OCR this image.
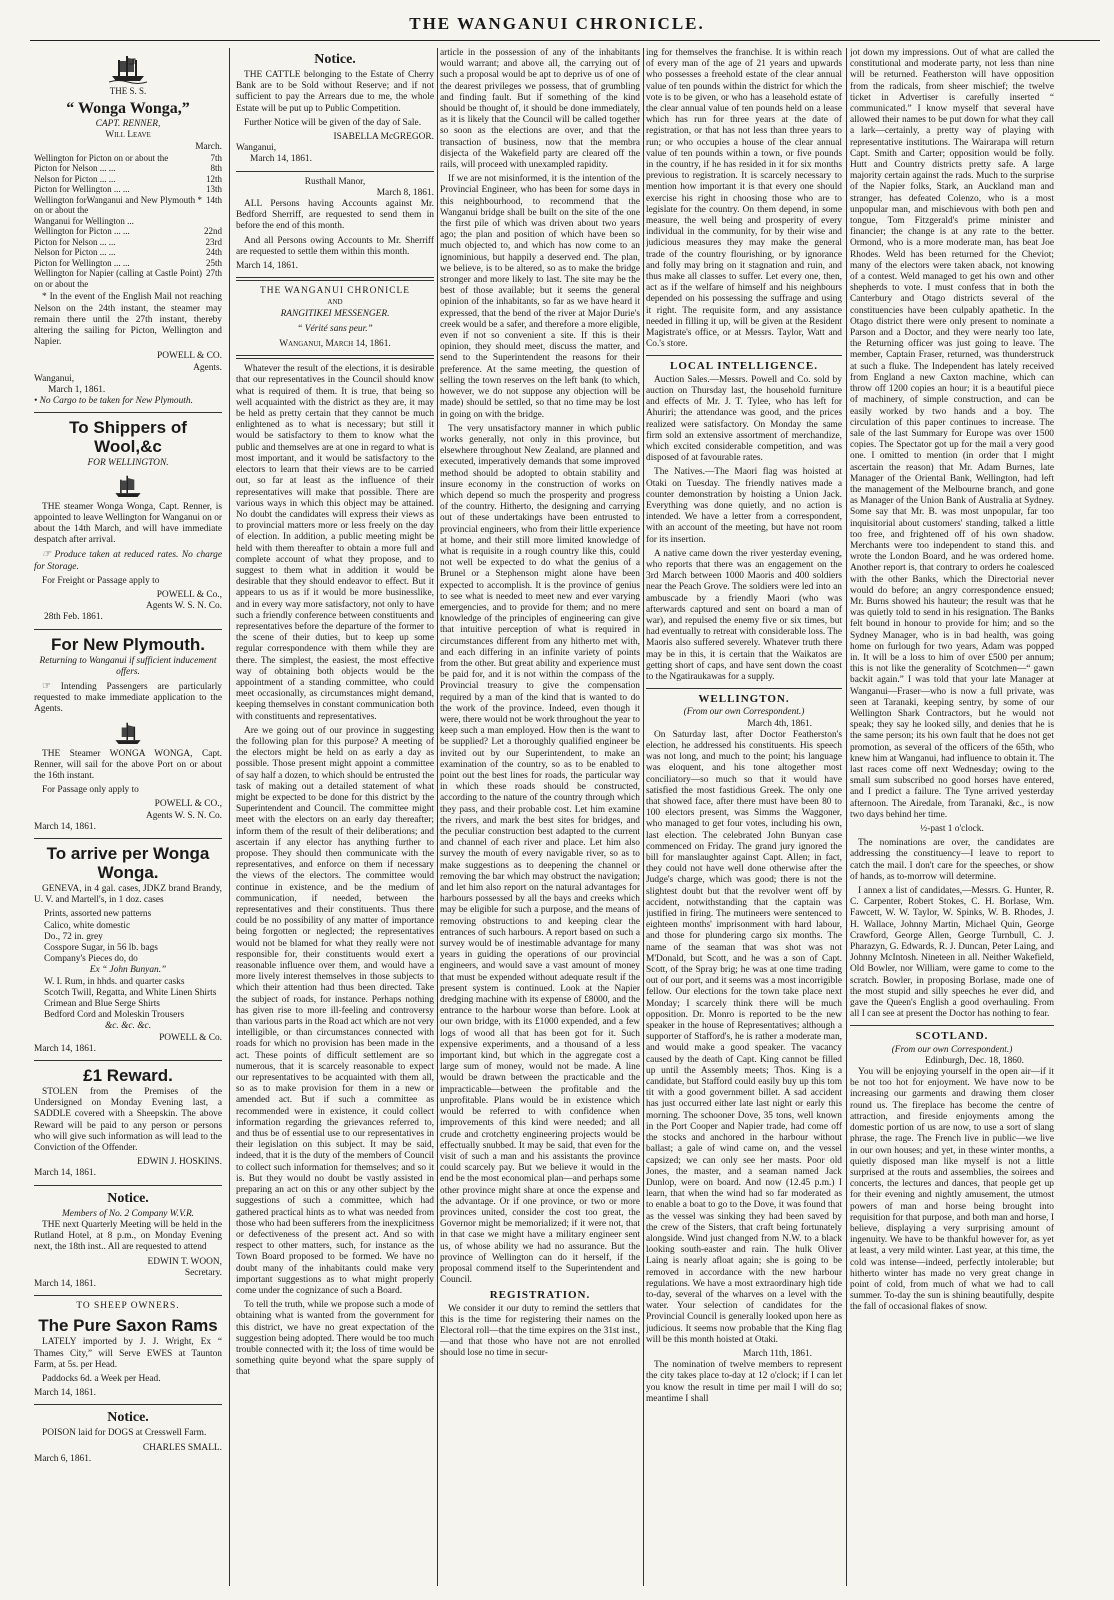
THE WANGANUI CHRONICLE.
THE S. S.
“ Wonga Wonga,”
CAPT. RENNER,
Will Leave
March.
Wellington for Picton on or about the	7th
Picton for Nelson ... ...	8th
Nelson for Picton ... ...	12th
Picton for Wellington ... ...	13th
Wellington forWanganui and New Plymouth * on or about the
14th
Wanganui for Wellington ...
Wellington for Picton ... ...	22nd
Picton for Nelson ... ...	23rd
Nelson for Picton ... ...	24th
Picton for Wellington ... ...	25th
Wellington for Napier (calling at Castle Point) on or about the
27th

* In the event of the English Mail not reaching Nelson on the 24th instant, the steamer may remain there until the 27th instant, thereby altering the sailing for Picton, Wellington and Napier.

POWELL & CO.
Agents.
Wanganui,
March 1, 1861.
• No Cargo to be taken for New Plymouth.
To Shippers of Wool,&c
FOR WELLINGTON.

THE steamer Wonga Wonga, Capt. Renner, is appointed to leave Wellington for Wanganui on or about the 14th March, and will have immediate despatch after arrival.

☞ Produce taken at reduced rates. No charge for Storage.

For Freight or Passage apply to

POWELL & Co.,
Agents W. S. N. Co.
28th Feb. 1861.
For New Plymouth.
Returning to Wanganui if sufficient inducement offers.

☞ Intending Passengers are particularly requested to make immediate application to the Agents.

THE Steamer WONGA WONGA, Capt. Renner, will sail for the above Port on or about the 16th instant.

For Passage only apply to

POWELL & CO.,
Agents W. S. N. Co.
March 14, 1861.
To arrive per Wonga Wonga.

GENEVA, in 4 gal. cases, JDKZ brand Brandy, U. V. and Martell's, in 1 doz. cases

Prints, assorted new patterns
Calico, white domestic
Do., 72 in. grey
Cosspore Sugar, in 56 lb. bags
Company's Pieces do, do
Ex “ John Bunyan.”
W. I. Rum, in hhds. and quarter casks
Scotch Twill, Regatta, and White Linen Shirts
Crimean and Blue Serge Shirts
Bedford Cord and Moleskin Trousers
&c. &c. &c.
POWELL & Co.
March 14, 1861.
£1 Reward.

STOLEN from the Premises of the Undersigned on Monday Evening last, a SADDLE covered with a Sheepskin. The above Reward will be paid to any person or persons who will give such information as will lead to the Conviction of the Offender.

EDWIN J. HOSKINS.
March 14, 1861.
Notice.
Members of No. 2 Company W.V.R.

THE next Quarterly Meeting will be held in the Rutland Hotel, at 8 p.m., on Monday Evening next, the 18th inst.. All are requested to attend

EDWIN T. WOON,
Secretary.
March 14, 1861.
TO SHEEP OWNERS.
The Pure Saxon Rams

LATELY imported by J. J. Wright, Ex “ Thames City,” will Serve EWES at Taunton Farm, at 5s. per Head.

Paddocks 6d. a Week per Head.

March 14, 1861.
Notice.

POISON laid for DOGS at Cresswell Farm.

CHARLES SMALL.
March 6, 1861.
Notice.

THE CATTLE belonging to the Estate of Cherry Bank are to be Sold without Reserve; and if not sufficient to pay the Arrears due to me, the whole Estate will be put up to Public Competition.

Further Notice will be given of the day of Sale.

ISABELLA McGREGOR.
Wanganui,
March 14, 1861.
Rusthall Manor,
March 8, 1861.

ALL Persons having Accounts against Mr. Bedford Sherriff, are requested to send them in before the end of this month.

And all Persons owing Accounts to Mr. Sherriff are requested to settle them within this month.

March 14, 1861.
THE WANGANUI CHRONICLE
AND
RANGITIKEI MESSENGER.
“ Vérité sans peur.”
Wanganui, March 14, 1861.

Whatever the result of the elections, it is desirable that our representatives in the Council should know what is required of them. It is true, that being so well acquainted with the district as they are, it may be held as pretty certain that they cannot be much enlightened as to what is necessary; but still it would be satisfactory to them to know what the public and themselves are at one in regard to what is most important, and it would be satisfactory to the electors to learn that their views are to be carried out, so far at least as the influence of their representatives will make that possible. There are various ways in which this object may be attained. No doubt the candidates will express their views as to provincial matters more or less freely on the day of election. In addition, a public meeting might be held with them thereafter to obtain a more full and complete account of what they propose, and to suggest to them what in addition it would be desirable that they should endeavor to effect. But it appears to us as if it would be more businesslike, and in every way more satisfactory, not only to have such a friendly conference between constituents and representatives before the departure of the former to the scene of their duties, but to keep up some regular correspondence with them while they are there. The simplest, the easiest, the most effective way of obtaining both objects would be the appointment of a standing committee, who could meet occasionally, as circumstances might demand, keeping themselves in constant communication both with constituents and representatives.

Are we going out of our province in suggesting the following plan for this purpose? A meeting of the electors might be held on as early a day as possible. Those present might appoint a committee of say half a dozen, to which should be entrusted the task of making out a detailed statement of what might be expected to be done for this district by the Superintendent and Council. The committee might meet with the electors on an early day thereafter; inform them of the result of their deliberations; and ascertain if any elector has anything further to propose. They should then communicate with the representatives, and enforce on them if necessary the views of the electors. The committee would continue in existence, and be the medium of communication, if needed, between the representatives and their constituents. Thus there could be no possibility of any matter of importance being forgotten or neglected; the representatives would not be blamed for what they really were not responsible for, their constituents would exert a reasonable influence over them, and would have a more lively interest themselves in those subjects to which their attention had thus been directed. Take the subject of roads, for instance. Perhaps nothing has given rise to more ill-feeling and controversy than various parts in the Road act which are not very intelligible, or than circumstances connected with roads for which no provision has been made in the act. These points of difficult settlement are so numerous, that it is scarcely reasonable to expect our representatives to be acquainted with them all, so as to make provision for them in a new or amended act. But if such a committee as recommended were in existence, it could collect information regarding the grievances referred to, and thus be of essential use to our representatives in their legislation on this subject. It may be said, indeed, that it is the duty of the members of Council to collect such information for themselves; and so it is. But they would no doubt be vastly assisted in preparing an act on this or any other subject by the suggestions of such a committee, which had gathered practical hints as to what was needed from those who had been sufferers from the inexplicitness or defectiveness of the present act. And so with respect to other matters, such, for instance as the Town Board proposed to be formed. We have no doubt many of the inhabitants could make very important suggestions as to what might properly come under the cognizance of such a Board.

To tell the truth, while we propose such a mode of obtaining what is wanted from the government for this district, we have no great expectation of the suggestion being adopted. There would be too much trouble connected with it; the loss of time would be something quite beyond what the spare supply of that

article in the possession of any of the inhabitants would warrant; and above all, the carrying out of such a proposal would be apt to deprive us of one of the dearest privileges we possess, that of grumbling and finding fault. But if something of the kind should be thought of, it should be done immediately, as it is likely that the Council will be called together so soon as the elections are over, and that the transaction of business, now that the membra disjecta of the Wakefield party are cleared off the rails, will proceed with unexampled rapidity.

If we are not misinformed, it is the intention of the Provincial Engineer, who has been for some days in this neighbourhood, to recommend that the Wanganui bridge shall be built on the site of the one the first pile of which was driven about two years ago; the plan and position of which have been so much objected to, and which has now come to an ignominious, but happily a deserved end. The plan, we believe, is to be altered, so as to make the bridge stronger and more likely to last. The site may be the best of those available; but it seems the general opinion of the inhabitants, so far as we have heard it expressed, that the bend of the river at Major Durie's creek would be a safer, and therefore a more eligible, even if not so convenient a site. If this is their opinion, they should meet, discuss the matter, and send to the Superintendent the reasons for their preference. At the same meeting, the question of selling the town reserves on the left bank (to which, however, we do not suppose any objection will be made) should be settled, so that no time may be lost in going on with the bridge.

The very unsatisfactory manner in which public works generally, not only in this province, but elsewhere throughout New Zealand, are planned and executed, imperatively demands that some improved method should be adopted to obtain stability and insure economy in the construction of works on which depend so much the prosperity and progress of the country. Hitherto, the designing and carrying out of these undertakings have been entrusted to provincial engineers, who from their little experience at home, and their still more limited knowledge of what is requisite in a rough country like this, could not well be expected to do what the genius of a Brunel or a Stephenson might alone have been expected to accomplish. It is the province of genius to see what is needed to meet new and ever varying emergencies, and to provide for them; and no mere knowledge of the principles of engineering can give that intuitive perception of what is required in circumstances different from any hitherto met with, and each differing in an infinite variety of points from the other. But great ability and experience must be paid for, and it is not within the compass of the Provincial treasury to give the compensation required by a man of the kind that is wanted to do the work of the province. Indeed, even though it were, there would not be work throughout the year to keep such a man employed. How then is the want to be supplied? Let a thoroughly qualified engineer be invited out by our Superintendent, to make an examination of the country, so as to be enabled to point out the best lines for roads, the particular way in which these roads should be constructed, according to the nature of the country through which they pass, and their probable cost. Let him examine the rivers, and mark the best sites for bridges, and the peculiar construction best adapted to the current and channel of each river and place. Let him also survey the mouth of every navigable river, so as to make suggestions as to deepening the channel or removing the bar which may obstruct the navigation; and let him also report on the natural advantages for harbours possessed by all the bays and creeks which may be eligible for such a purpose, and the means of removing obstructions to and keeping clear the entrances of such harbours. A report based on such a survey would be of inestimable advantage for many years in guiding the operations of our provincial engineers, and would save a vast amount of money that must be expended without adequate result if the present system is continued. Look at the Napier dredging machine with its expense of £8000, and the entrance to the harbour worse than before. Look at our own bridge, with its £1000 expended, and a few logs of wood all that has been got for it. Such expensive experiments, and a thousand of a less important kind, but which in the aggregate cost a large sum of money, would not be made. A line would be drawn between the practicable and the impracticable—between the profitable and the unprofitable. Plans would be in existence which would be referred to with confidence when improvements of this kind were needed; and all crude and crotchetty engineering projects would be effectually snubbed. It may be said, that even for the visit of such a man and his assistants the province could scarcely pay. But we believe it would in the end be the most economical plan—and perhaps some other province might share at once the expense and the advantage. Or if one province, or two or more provinces united, consider the cost too great, the Governor might be memorialized; if it were not, that in that case we might have a military engineer sent us, of whose ability we had no assurance. But the province of Wellington can do it herself, if the proposal commend itself to the Superintendent and Council.

REGISTRATION.

We consider it our duty to remind the settlers that this is the time for registering their names on the Electoral roll—that the time expires on the 31st inst.,—and that those who have not are not enrolled should lose no time in secur-

ing for themselves the franchise. It is within reach of every man of the age of 21 years and upwards who possesses a freehold estate of the clear annual value of ten pounds within the district for which the vote is to be given, or who has a leasehold estate of the clear annual value of ten pounds held on a lease which has run for three years at the date of registration, or that has not less than three years to run; or who occupies a house of the clear annual value of ten pounds within a town, or five pounds in the country, if he has resided in it for six months previous to registration. It is scarcely necessary to mention how important it is that every one should exercise his right in choosing those who are to legislate for the country. On them depend, in some measure, the well being and prosperity of every individual in the community, for by their wise and judicious measures they may make the general trade of the country flourishing, or by ignorance and folly may bring on it stagnation and ruin, and thus make all classes to suffer. Let every one, then, act as if the welfare of himself and his neighbours depended on his possessing the suffrage and using it right. The requisite form, and any assistance needed in filling it up, will be given at the Resident Magistrate's office, or at Messrs. Taylor, Watt and Co.'s store.

LOCAL INTELLIGENCE.

Auction Sales.—Messrs. Powell and Co. sold by auction on Thursday last, the household furniture and effects of Mr. J. T. Tylee, who has left for Ahuriri; the attendance was good, and the prices realized were satisfactory. On Monday the same firm sold an extensive assortment of merchandize, which excited considerable competition, and was disposed of at favourable rates.

The Natives.—The Maori flag was hoisted at Otaki on Tuesday. The friendly natives made a counter demonstration by hoisting a Union Jack. Everything was done quietly, and no action is intended. We have a letter from a correspondent, with an account of the meeting, but have not room for its insertion.

A native came down the river yesterday evening, who reports that there was an engagement on the 3rd March between 1000 Maoris and 400 soldiers near the Peach Grove. The soldiers were led into an ambuscade by a friendly Maori (who was afterwards captured and sent on board a man of war), and repulsed the enemy five or six times, but had eventually to retreat with considerable loss. The Maoris also suffered severely. Whatever truth there may be in this, it is certain that the Waikatos are getting short of caps, and have sent down the coast to the Ngatiraukawas for a supply.

WELLINGTON.
(From our own Correspondent.)
March 4th, 1861.

On Saturday last, after Doctor Featherston's election, he addressed his constituents. His speech was not long, and much to the point; his language was eloquent, and his tone altogether most conciliatory—so much so that it would have satisfied the most fastidious Greek. The only one that showed face, after there must have been 80 to 100 electors present, was Simms the Waggoner, who managed to get four votes, including his own, last election. The celebrated John Bunyan case commenced on Friday. The grand jury ignored the bill for manslaughter against Capt. Allen; in fact, they could not have well done otherwise after the Judge's charge, which was good; there is not the slightest doubt but that the revolver went off by accident, notwithstanding that the captain was justified in firing. The mutineers were sentenced to eighteen months' imprisonment with hard labour, and those for plundering cargo six months. The name of the seaman that was shot was not M'Donald, but Scott, and he was a son of Capt. Scott, of the Spray brig; he was at one time trading out of our port, and it seems was a most incorrigible fellow. Our elections for the town take place next Monday; I scarcely think there will be much opposition. Dr. Monro is reported to be the new speaker in the house of Representatives; although a supporter of Stafford's, he is rather a moderate man, and would make a good speaker. The vacancy caused by the death of Capt. King cannot be filled up until the Assembly meets; Thos. King is a candidate, but Stafford could easily buy up this tom tit with a good government billet. A sad accident has just occurred either late last night or early this morning. The schooner Dove, 35 tons, well known in the Port Cooper and Napier trade, had come off the stocks and anchored in the harbour without ballast; a gale of wind came on, and the vessel capsized; we can only see her masts. Poor old Jones, the master, and a seaman named Jack Dunlop, were on board. And now (12.45 p.m.) I learn, that when the wind had so far moderated as to enable a boat to go to the Dove, it was found that as the vessel was sinking they had been saved by the crew of the Sisters, that craft being fortunately alongside. Wind just changed from N.W. to a black looking south-easter and rain. The hulk Oliver Laing is nearly afloat again; she is going to be removed in accordance with the new harbour regulations. We have a most extraordinary high tide to-day, several of the wharves on a level with the water. Your selection of candidates for the Provincial Council is generally looked upon here as judicious. It seems now probable that the King flag will be this month hoisted at Otaki.

March 11th, 1861.

The nomination of twelve members to represent the city takes place to-day at 12 o'clock; if I can let you know the result in time per mail I will do so; meantime I shall

jot down my impressions. Out of what are called the constitutional and moderate party, not less than nine will be returned. Featherston will have opposition from the radicals, from sheer mischief; the twelve ticket in Advertiser is carefully inserted “ communicated.” I know myself that several have allowed their names to be put down for what they call a lark—certainly, a pretty way of playing with representative institutions. The Wairarapa will return Capt. Smith and Carter; opposition would be folly. Hutt and Country districts pretty safe. A large majority certain against the rads. Much to the surprise of the Napier folks, Stark, an Auckland man and stranger, has defeated Colenzo, who is a most unpopular man, and mischievous with both pen and tongue, Tom Fitzgerald's prime minister and financier; the change is at any rate to the better. Ormond, who is a more moderate man, has beat Joe Rhodes. Weld has been returned for the Cheviot; many of the electors were taken aback, not knowing of a contest. Weld managed to get his own and other shepherds to vote. I must confess that in both the Canterbury and Otago districts several of the constituencies have been culpably apathetic. In the Otago district there were only present to nominate a Parson and a Doctor, and they were nearly too late, the Returning officer was just going to leave. The member, Captain Fraser, returned, was thunderstruck at such a fluke. The Independent has lately received from England a new Caxton machine, which can throw off 1200 copies an hour; it is a beautiful piece of machinery, of simple construction, and can be easily worked by two hands and a boy. The circulation of this paper continues to increase. The sale of the last Summary for Europe was over 1500 copies. The Spectator got up for the mail a very good one. I omitted to mention (in order that I might ascertain the reason) that Mr. Adam Burnes, late Manager of the Oriental Bank, Wellington, had left the management of the Melbourne branch, and gone as Manager of the Union Bank of Australia at Sydney. Some say that Mr. B. was most unpopular, far too inquisitorial about customers' standing, talked a little too free, and frightened off of his own shadow. Merchants were too independent to stand this. and wrote the London Board, and he was ordered home. Another report is, that contrary to orders he coalesced with the other Banks, which the Directorial never would do before; an angry correspondence ensued; Mr. Burns showed his hauteur; the result was that he was quietly told to send in his resignation. The Banks felt bound in honour to provide for him; and so the Sydney Manager, who is in bad health, was going home on furlough for two years, Adam was popped in. It will be a loss to him of over £500 per annum; this is not like the generality of Scotchmen—“ gawn backit again.” I was told that your late Manager at Wanganui—Fraser—who is now a full private, was seen at Taranaki, keeping sentry, by some of our Wellington Shark Contractors, but he would not speak; they say he looked silly, and denies that he is the same person; its his own fault that he does not get promotion, as several of the officers of the 65th, who knew him at Wanganui, had influence to obtain it. The last races come off next Wednesday; owing to the small sum subscribed no good horses have entered, and I predict a failure. The Tyne arrived yesterday afternoon. The Airedale, from Taranaki, &c., is now two days behind her time.

½-past 1 o'clock.

The nominations are over, the candidates are addressing the constituency—I leave to report to catch the mail. I don't care for the speeches, or show of hands, as to-morrow will determine.

I annex a list of candidates,—Messrs. G. Hunter, R. C. Carpenter, Robert Stokes, C. H. Borlase, Wm. Fawcett, W. W. Taylor, W. Spinks, W. B. Rhodes, J. H. Wallace, Johnny Martin, Michael Quin, George Crawford, George Allen, George Turnbull, C. J. Pharazyn, G. Edwards, R. J. Duncan, Peter Laing, and Johnny McIntosh. Nineteen in all. Neither Wakefield, Old Bowler, nor William, were game to come to the scratch. Bowler, in proposing Borlase, made one of the most stupid and silly speeches he ever did, and gave the Queen's English a good overhauling. From all I can see at present the Doctor has nothing to fear.

SCOTLAND.
(From our own Correspondent.)
Edinburgh, Dec. 18, 1860.

You will be enjoying yourself in the open air—if it be not too hot for enjoyment. We have now to be increasing our garments and drawing them closer round us. The fireplace has become the centre of attraction, and fireside enjoyments among the domestic portion of us are now, to use a sort of slang phrase, the rage. The French live in public—we live in our own houses; and yet, in these winter months, a quietly disposed man like myself is not a little surprised at the routs and assemblies, the soirees and concerts, the lectures and dances, that people get up for their evening and nightly amusement, the utmost powers of man and horse being brought into requisition for that purpose, and both man and horse, I believe, displaying a very surprising amount of ingenuity. We have to be thankful however for, as yet at least, a very mild winter. Last year, at this time, the cold was intense—indeed, perfectly intolerable; but hitherto winter has made no very great change in point of cold, from much of what we had to call summer. To-day the sun is shining beautifully, despite the fall of occasional flakes of snow.
